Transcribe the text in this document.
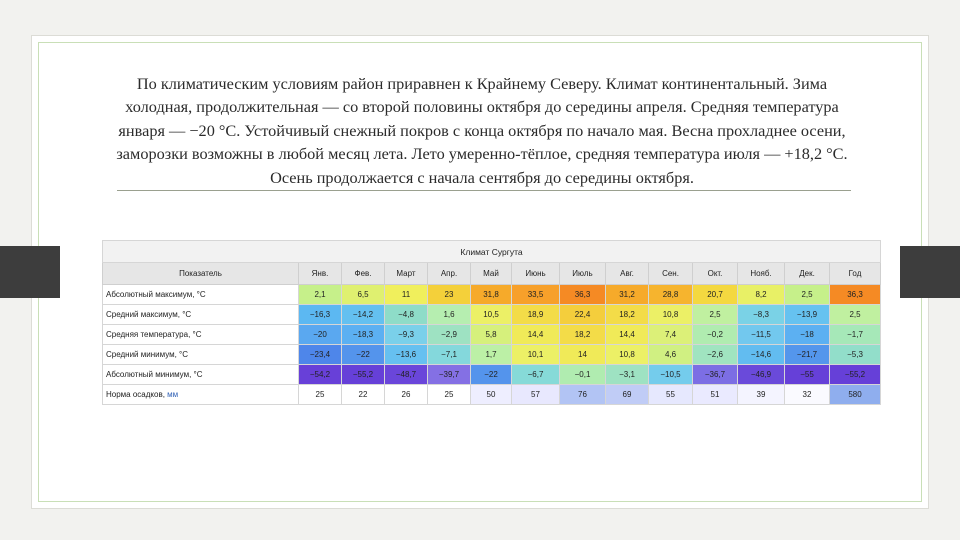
По климатическим условиям район приравнен к Крайнему Северу. Климат континентальный. Зима холодная, продолжительная — со второй половины октября до середины апреля. Средняя температура января — −20 °C. Устойчивый снежный покров с конца октября по начало мая. Весна прохладнее осени, заморозки возможны в любой месяц лета. Лето умеренно-тёплое, средняя температура июля — +18,2 °C. Осень продолжается с начала сентября до середины октября.

Климат Сургута													
Показатель	Янв.	Фев.	Март	Апр.	Май	Июнь	Июль	Авг.	Сен.	Окт.	Нояб.	Дек.	Год
Абсолютный максимум, °C	2,1	6,5	11	23	31,8	33,5	36,3	31,2	28,8	20,7	8,2	2,5	36,3
Средний максимум, °C	−16,3	−14,2	−4,8	1,6	10,5	18,9	22,4	18,2	10,8	2,5	−8,3	−13,9	2,5
Средняя температура, °C	−20	−18,3	−9,3	−2,9	5,8	14,4	18,2	14,4	7,4	−0,2	−11,5	−18	−1,7
Средний минимум, °C	−23,4	−22	−13,6	−7,1	1,7	10,1	14	10,8	4,6	−2,6	−14,6	−21,7	−5,3
Абсолютный минимум, °C	−54,2	−55,2	−48,7	−39,7	−22	−6,7	−0,1	−3,1	−10,5	−36,7	−46,9	−55	−55,2
Норма осадков, мм	25	22	26	25	50	57	76	69	55	51	39	32	580
